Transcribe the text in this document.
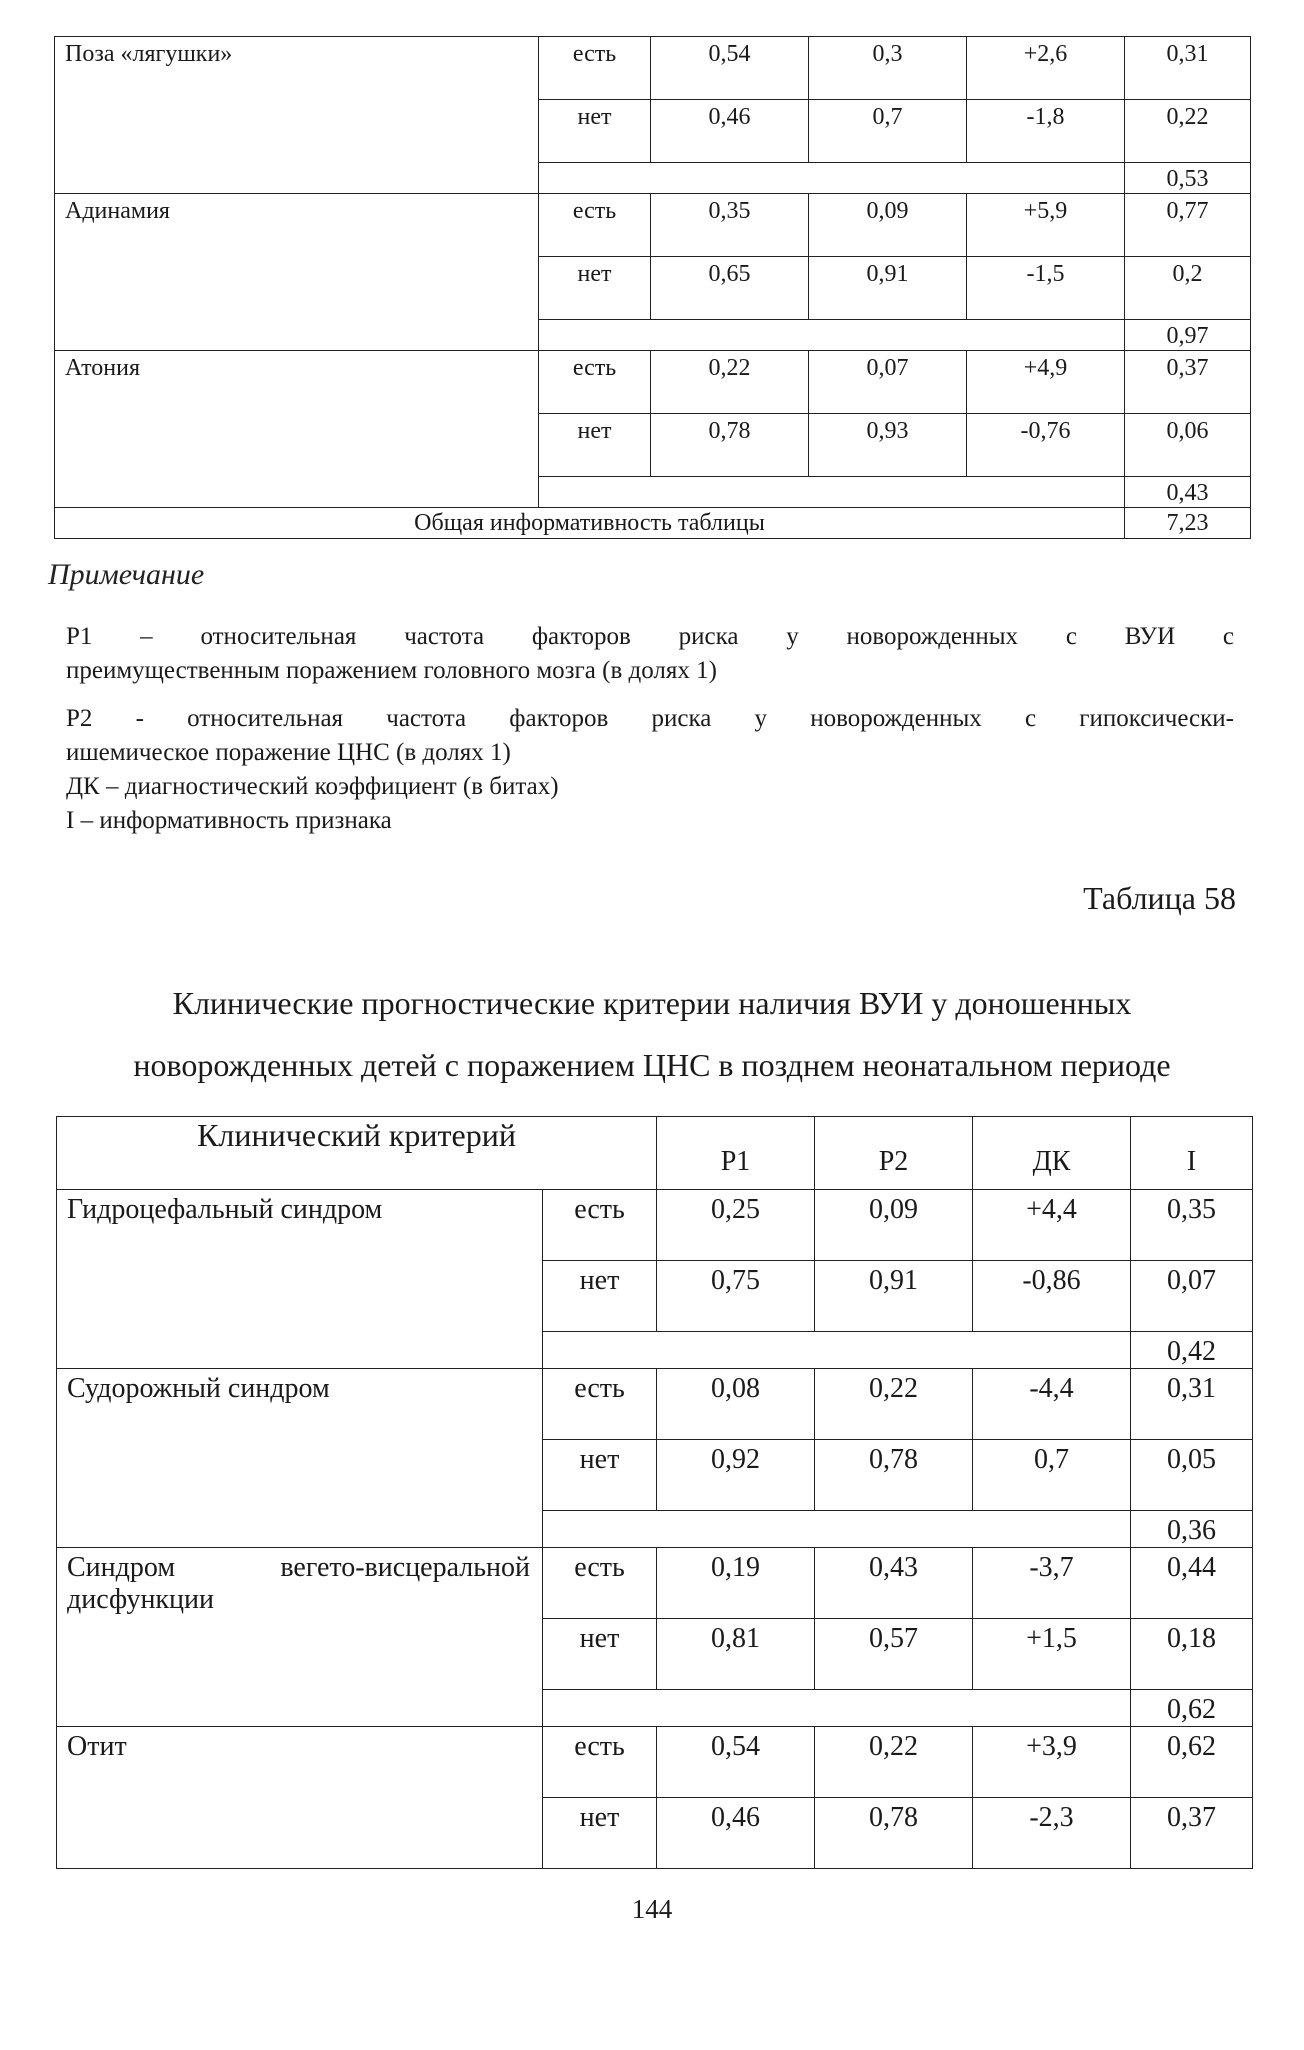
Поза «лягушки»	есть	0,54	0,3	+2,6	0,31

	нет	0,46	0,7	-1,8	0,22

					0,53

Адинамия	есть	0,35	0,09	+5,9	0,77

	нет	0,65	0,91	-1,5	0,2

					0,97

Атония	есть	0,22	0,07	+4,9	0,37

	нет	0,78	0,93	-0,76	0,06

					0,43

Общая информативность таблицы					7,23
Примечание
Р1 – относительная частота факторов риска у новорожденных с ВУИ с
преимущественным поражением головного мозга (в долях 1)
Р2 - относительная частота факторов риска у новорожденных с гипоксически-
ишемическое поражение ЦНС (в долях 1)
ДК – диагностический коэффициент (в битах)
I – информативность признака
Таблица 58
Клинические прогностические критерии наличия ВУИ у доношенных
новорожденных детей с поражением ЦНС в позднем неонатальном периоде
Клинический критерий		Р1	Р2	ДК	I

Гидроцефальный синдром	есть	0,25	0,09	+4,4	0,35

	нет	0,75	0,91	-0,86	0,07

					0,42

Судорожный синдром	есть	0,08	0,22	-4,4	0,31

	нет	0,92	0,78	0,7	0,05

					0,36

Синдром вегето-висцеральной
дисфункции	есть	0,19	0,43	-3,7	0,44

	нет	0,81	0,57	+1,5	0,18

					0,62

Отит	есть	0,54	0,22	+3,9	0,62

	нет	0,46	0,78	-2,3	0,37
144
